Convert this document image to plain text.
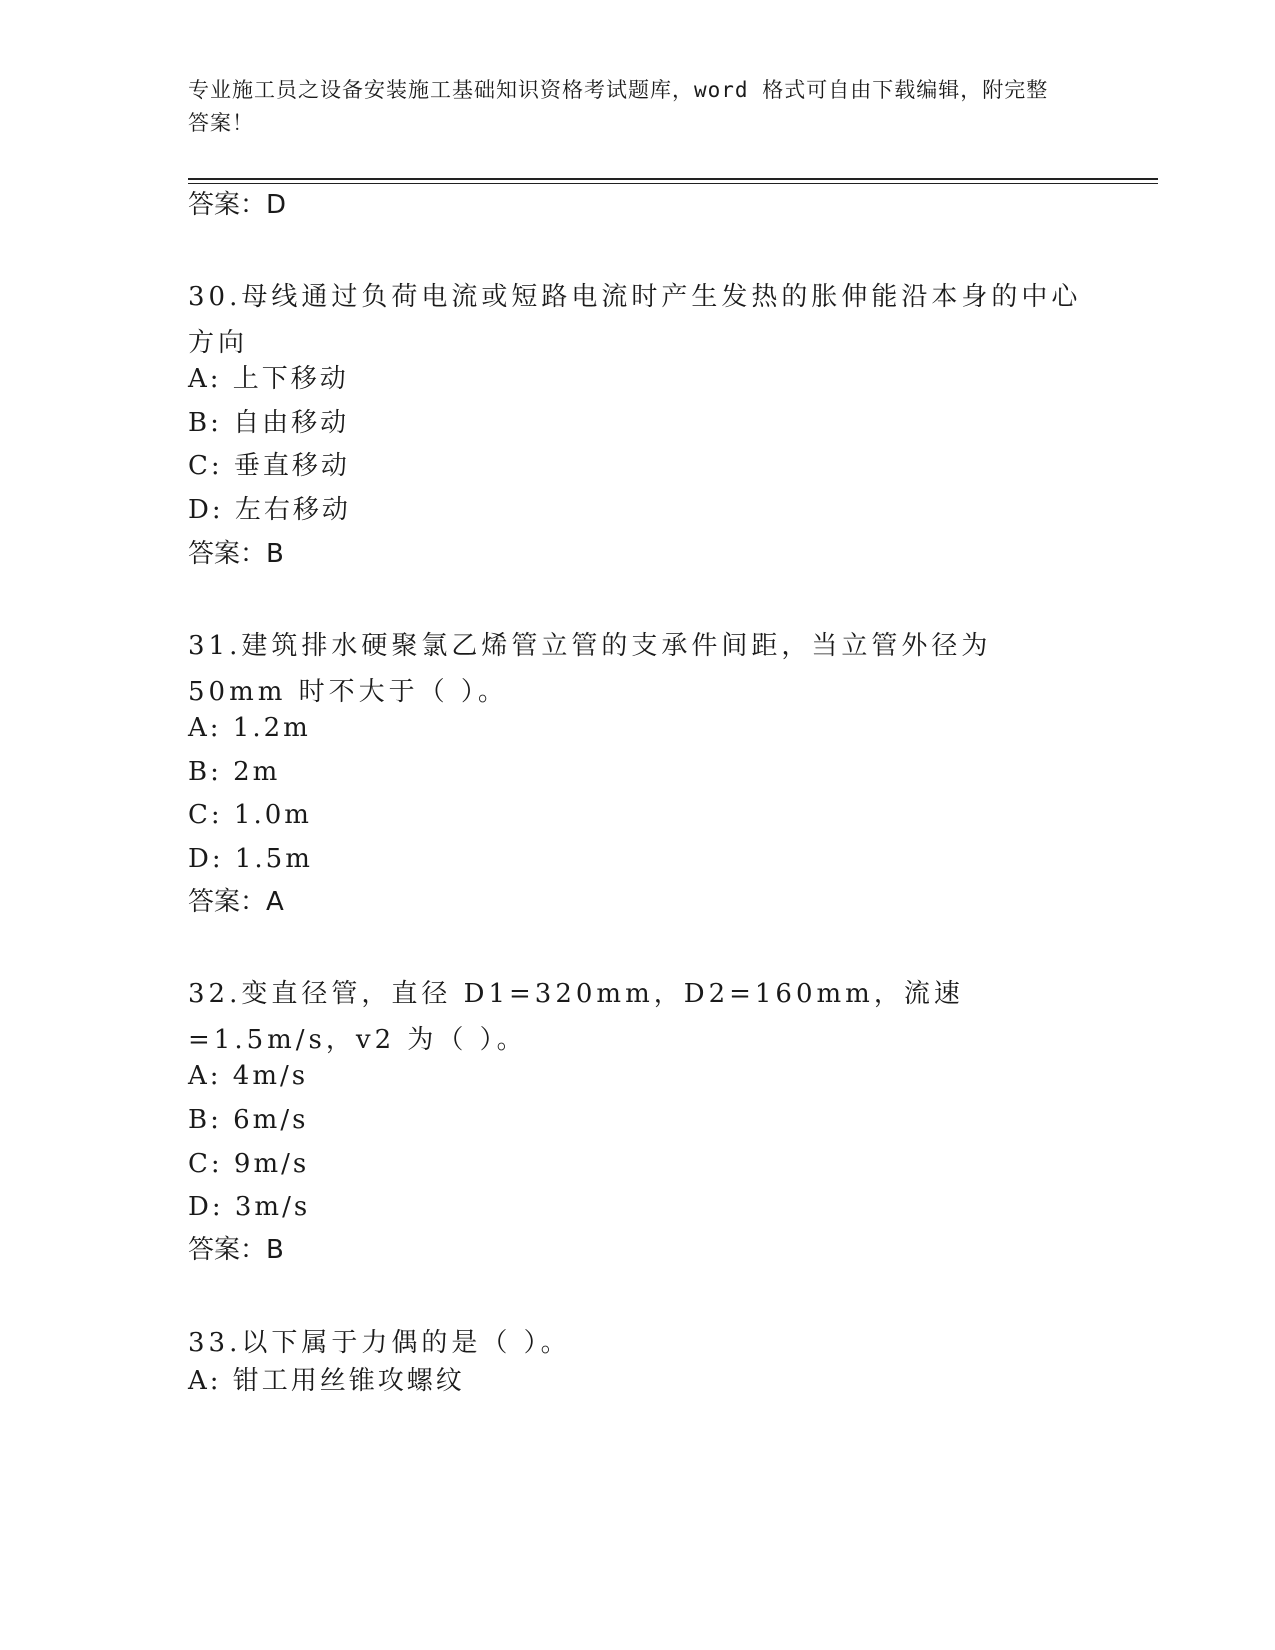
专业施工员之设备安装施工基础知识资格考试题库，word 格式可自由下载编辑，附完整答案！
答案：D
30.母线通过负荷电流或短路电流时产生发热的胀伸能沿本身的中心方向
A: 上下移动
B: 自由移动
C: 垂直移动
D: 左右移动
答案：B
31.建筑排水硬聚氯乙烯管立管的支承件间距，当立管外径为 50mm 时不大于（ ）。
A: 1.2m
B: 2m
C: 1.0m
D: 1.5m
答案：A
32.变直径管，直径 D1=320mm，D2=160mm，流速=1.5m/s，v2 为（ ）。
A: 4m/s
B: 6m/s
C: 9m/s
D: 3m/s
答案：B
33.以下属于力偶的是（ ）。
A: 钳工用丝锥攻螺纹
